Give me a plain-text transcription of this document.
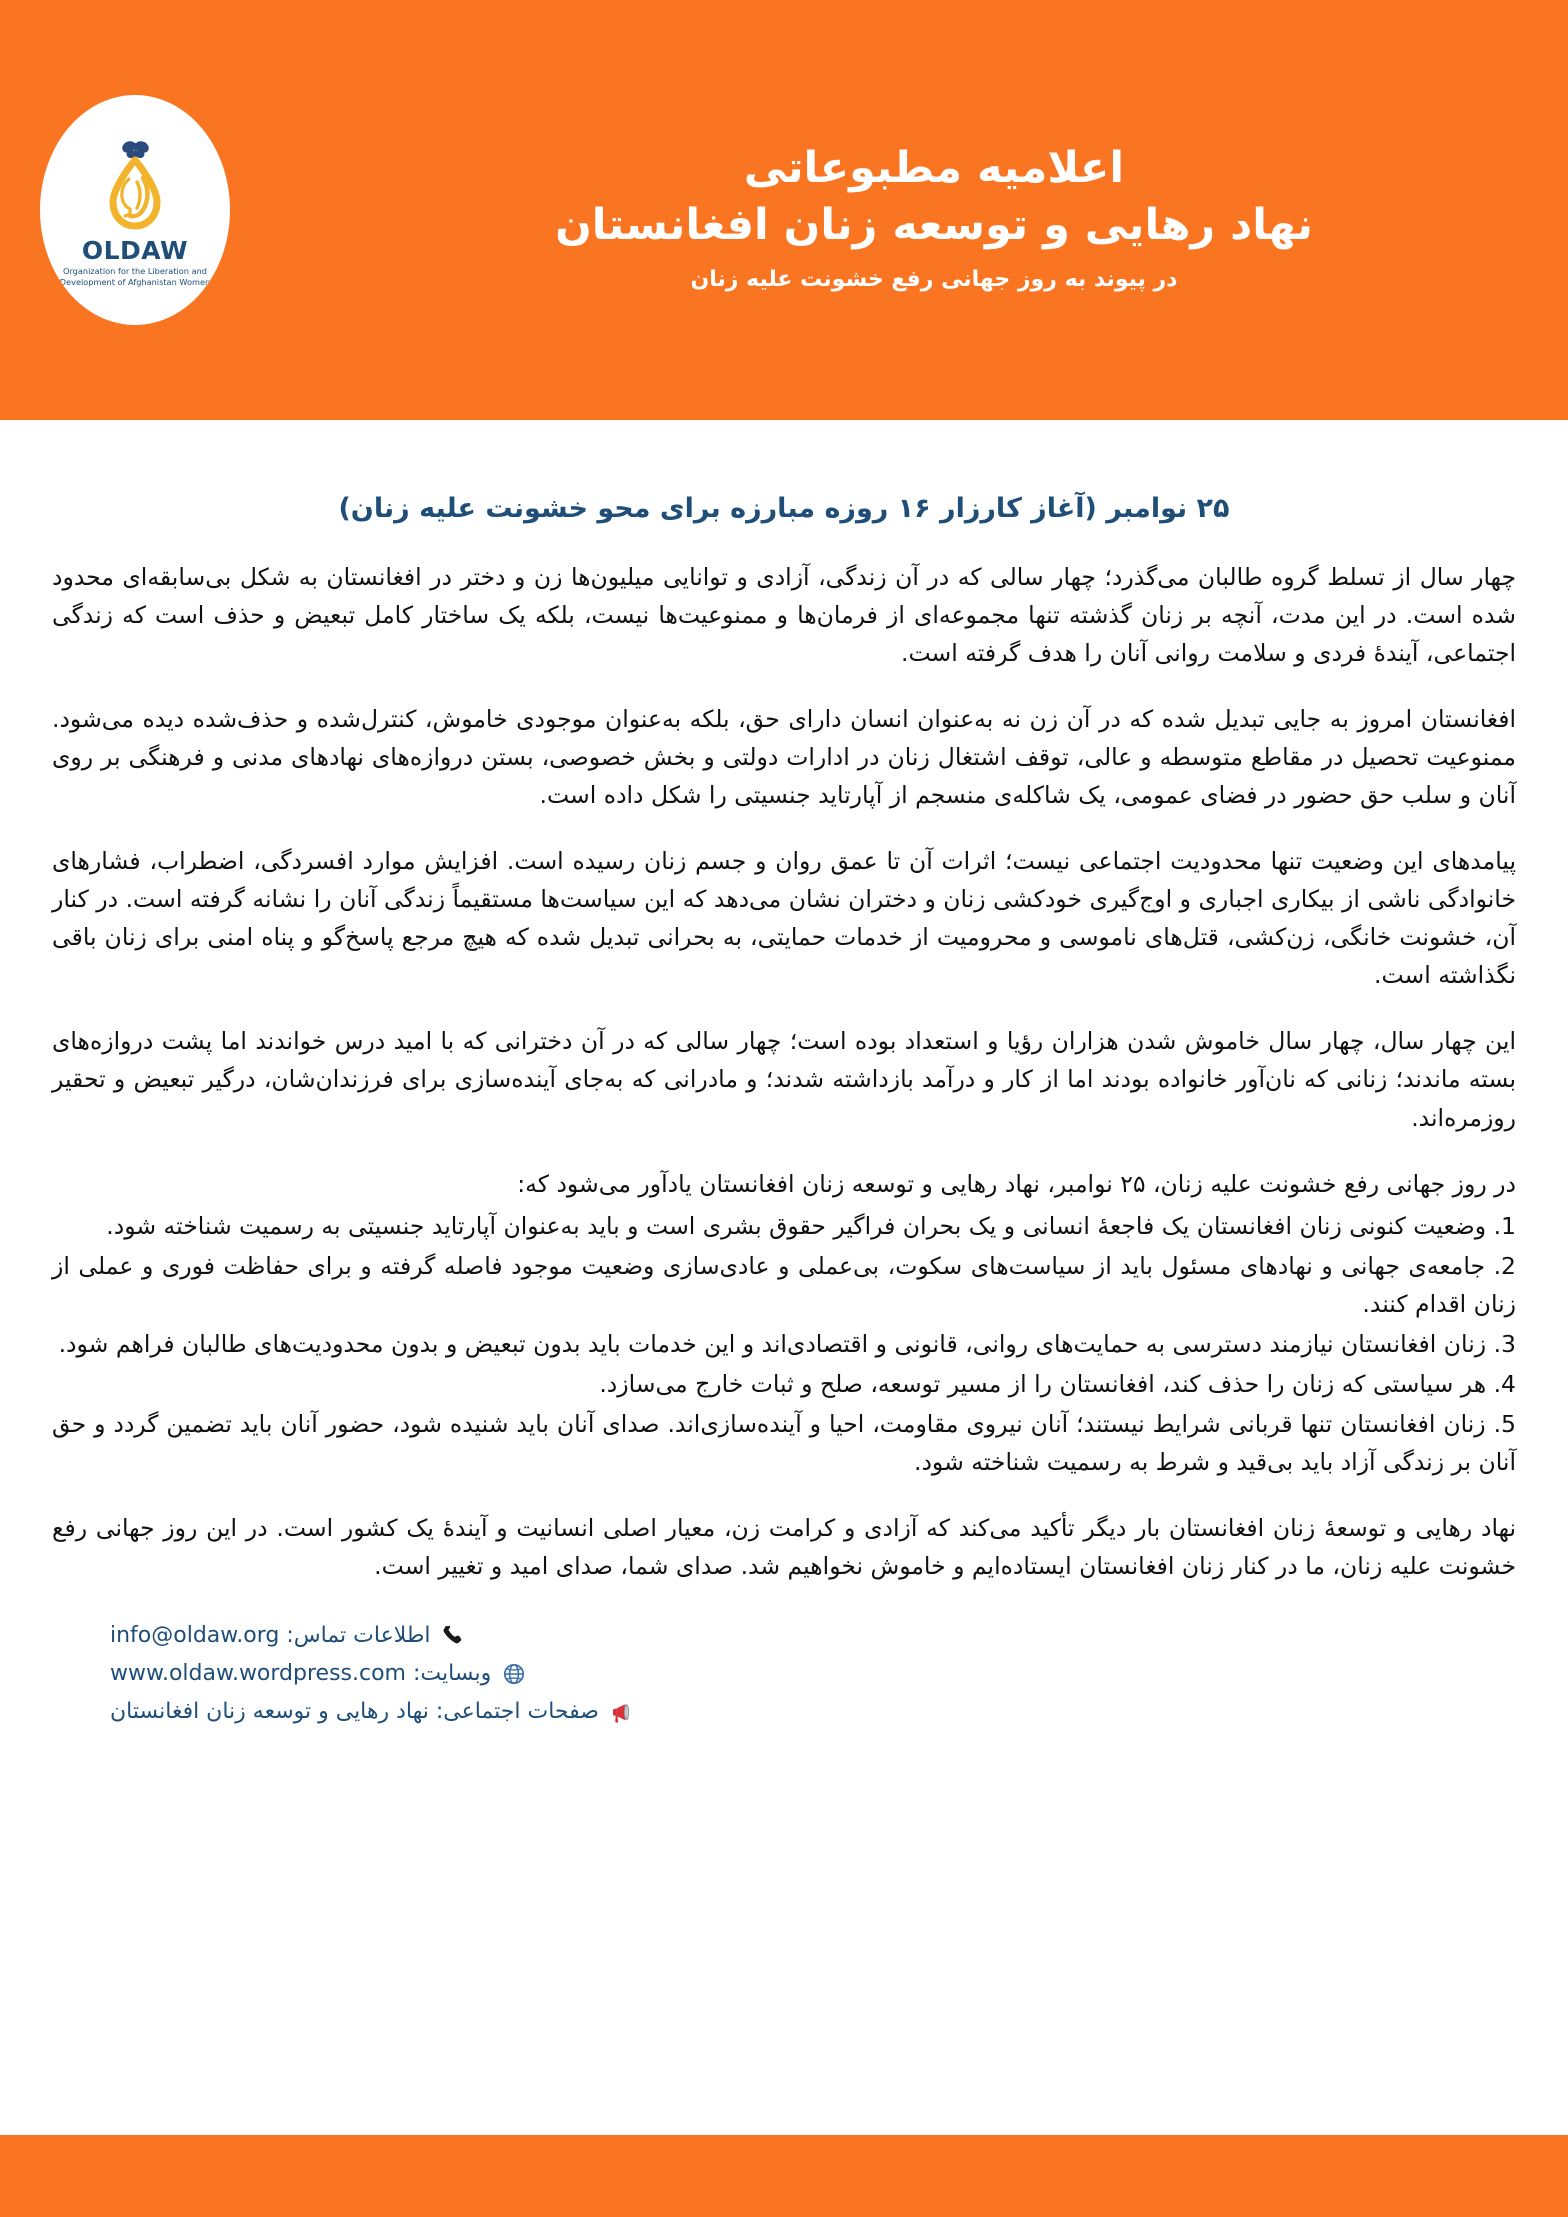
OLDAW
Organization for the Liberation and
Development of Afghanistan Women
اعلامیه مطبوعاتی
نهاد رهایی و توسعه زنان افغانستان
در پیوند به روز جهانی رفع خشونت علیه زنان
۲۵ نوامبر (آغاز کارزار ۱۶ روزه مبارزه برای محو خشونت علیه زنان)

چهار سال از تسلط گروه طالبان می‌گذرد؛ چهار سالی که در آن زندگی، آزادی و توانایی میلیون‌ها زن و دختر در افغانستان به شکل بی‌سابقه‌ای محدود شده است. در این مدت، آنچه بر زنان گذشته تنها مجموعه‌ای از فرمان‌ها و ممنوعیت‌ها نیست، بلکه یک ساختار کامل تبعیض و حذف است که زندگی اجتماعی، آیندهٔ فردی و سلامت روانی آنان را هدف گرفته است.

افغانستان امروز به جایی تبدیل شده که در آن زن نه به‌عنوان انسان دارای حق، بلکه به‌عنوان موجودی خاموش، کنترل‌شده و حذف‌شده دیده می‌شود. ممنوعیت تحصیل در مقاطع متوسطه و عالی، توقف اشتغال زنان در ادارات دولتی و بخش خصوصی، بستن دروازه‌های نهادهای مدنی و فرهنگی بر روی آنان و سلب حق حضور در فضای عمومی، یک شاکله‌ی منسجم از آپارتاید جنسیتی را شکل داده است.

پیامدهای این وضعیت تنها محدودیت اجتماعی نیست؛ اثرات آن تا عمق روان و جسم زنان رسیده است. افزایش موارد افسردگی، اضطراب، فشارهای خانوادگی ناشی از بیکاری اجباری و اوج‌گیری خودکشی زنان و دختران نشان می‌دهد که این سیاست‌ها مستقیماً زندگی آنان را نشانه گرفته است. در کنار آن، خشونت خانگی، زن‌کشی، قتل‌های ناموسی و محرومیت از خدمات حمایتی، به بحرانی تبدیل شده که هیچ مرجع پاسخ‌گو و پناه امنی برای زنان باقی نگذاشته است.

این چهار سال، چهار سال خاموش شدن هزاران رؤیا و استعداد بوده است؛ چهار سالی که در آن دخترانی که با امید درس خواندند اما پشت دروازه‌های بسته ماندند؛ زنانی که نان‌آور خانواده بودند اما از کار و درآمد بازداشته شدند؛ و مادرانی که به‌جای آینده‌سازی برای فرزندان‌شان، درگیر تبعیض و تحقیر روزمره‌اند.

در روز جهانی رفع خشونت علیه زنان، ۲۵ نوامبر، نهاد رهایی و توسعه زنان افغانستان یادآور می‌شود که:
1. وضعیت کنونی زنان افغانستان یک فاجعهٔ انسانی و یک بحران فراگیر حقوق بشری است و باید به‌عنوان آپارتاید جنسیتی به رسمیت شناخته شود.
2. جامعه‌ی جهانی و نهادهای مسئول باید از سیاست‌های سکوت، بی‌عملی و عادی‌سازی وضعیت موجود فاصله گرفته و برای حفاظت فوری و عملی از زنان اقدام کنند.
3. زنان افغانستان نیازمند دسترسی به حمایت‌های روانی، قانونی و اقتصادی‌اند و این خدمات باید بدون تبعیض و بدون محدودیت‌های طالبان فراهم شود.
4. هر سیاستی که زنان را حذف کند، افغانستان را از مسیر توسعه، صلح و ثبات خارج می‌سازد.
5. زنان افغانستان تنها قربانی شرایط نیستند؛ آنان نیروی مقاومت، احیا و آینده‌سازی‌اند. صدای آنان باید شنیده شود، حضور آنان باید تضمین گردد و حق آنان بر زندگی آزاد باید بی‌قید و شرط به رسمیت شناخته شود.

نهاد رهایی و توسعهٔ زنان افغانستان بار دیگر تأکید می‌کند که آزادی و کرامت زن، معیار اصلی انسانیت و آیندهٔ یک کشور است. در این روز جهانی رفع خشونت علیه زنان، ما در کنار زنان افغانستان ایستاده‌ایم و خاموش نخواهیم شد. صدای شما، صدای امید و تغییر است.

اطلاعات تماس: info@oldaw.org
وبسایت: www.oldaw.wordpress.com
صفحات اجتماعی: نهاد رهایی و توسعه زنان افغانستان
